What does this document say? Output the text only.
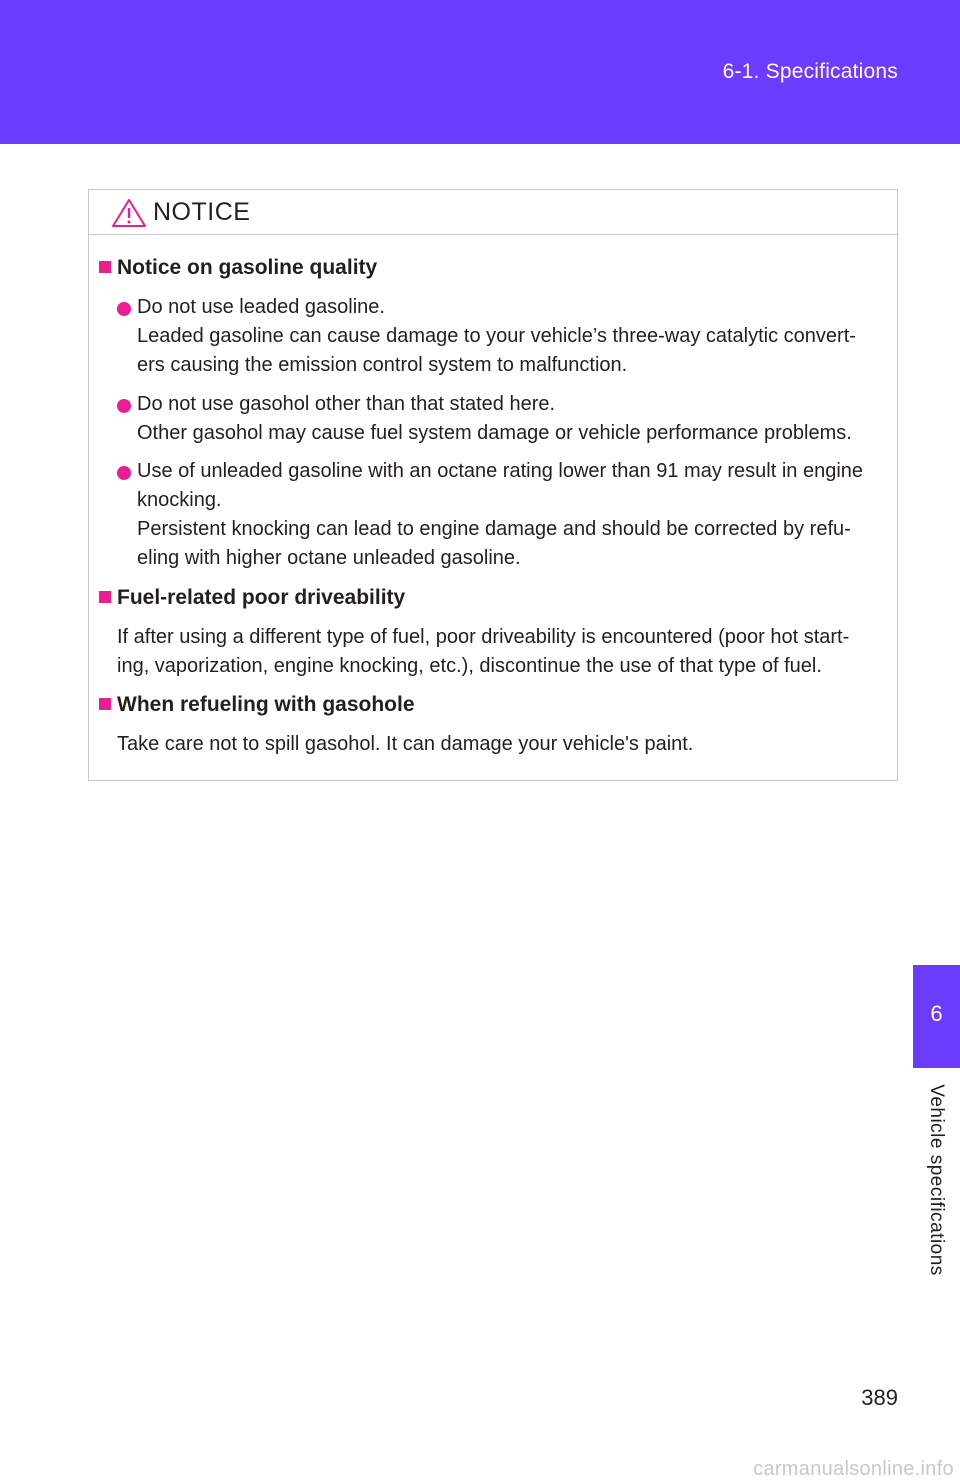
6-1. Specifications
NOTICE
Notice on gasoline quality
Do not use leaded gasoline.
Leaded gasoline can cause damage to your vehicle’s three-way catalytic convert-
ers causing the emission control system to malfunction.
Do not use gasohol other than that stated here.
Other gasohol may cause fuel system damage or vehicle performance problems.
Use of unleaded gasoline with an octane rating lower than 91 may result in engine
knocking.
Persistent knocking can lead to engine damage and should be corrected by refu-
eling with higher octane unleaded gasoline.
Fuel-related poor driveability
If after using a different type of fuel, poor driveability is encountered (poor hot start-
ing, vaporization, engine knocking, etc.), discontinue the use of that type of fuel.
When refueling with gasohole
Take care not to spill gasohol. It can damage your vehicle's paint.
6
Vehicle specifications
389
carmanualsonline.info
